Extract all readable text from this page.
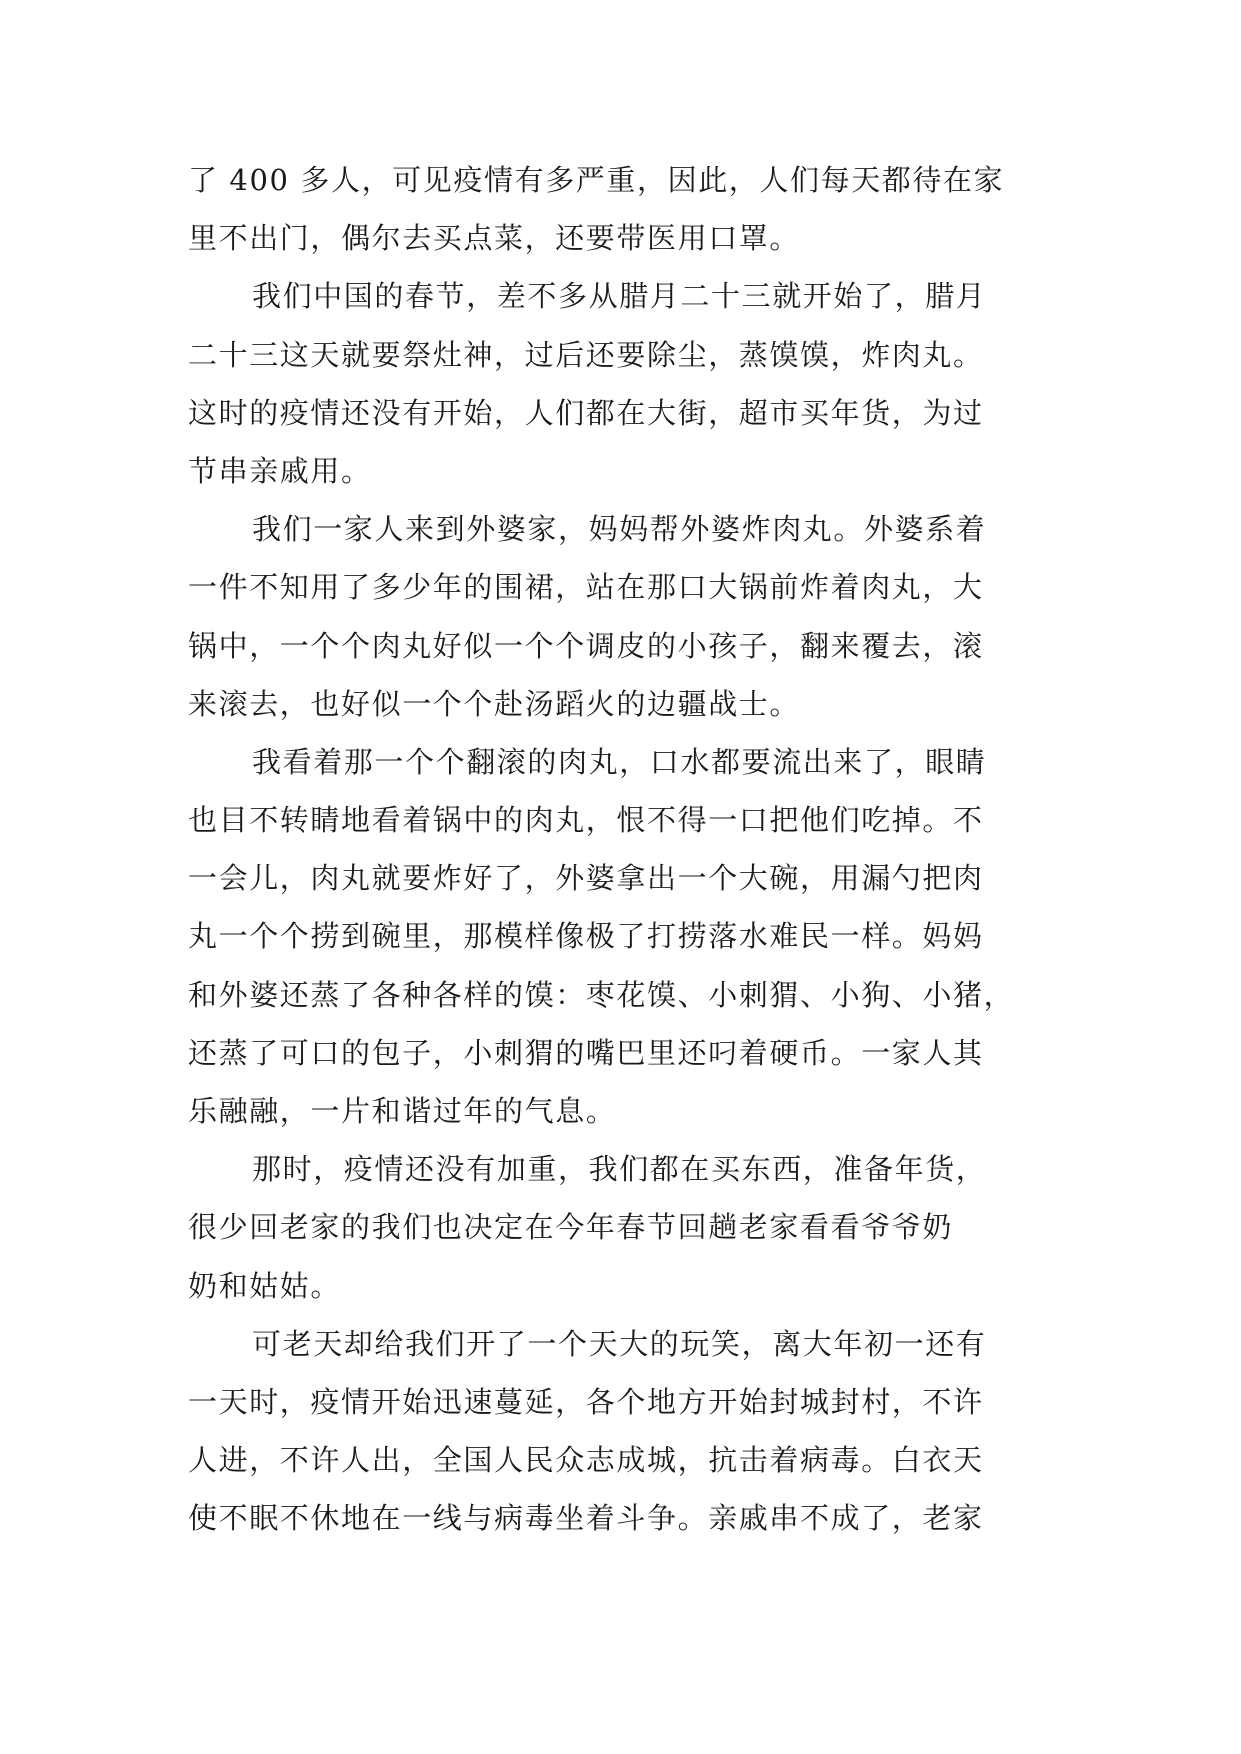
了 400 多人，可见疫情有多严重，因此，人们每天都待在家
里不出门，偶尔去买点菜，还要带医用口罩。
我们中国的春节，差不多从腊月二十三就开始了，腊月
二十三这天就要祭灶神，过后还要除尘，蒸馍馍，炸肉丸。
这时的疫情还没有开始，人们都在大街，超市买年货，为过
节串亲戚用。
我们一家人来到外婆家，妈妈帮外婆炸肉丸。外婆系着
一件不知用了多少年的围裙，站在那口大锅前炸着肉丸，大
锅中，一个个肉丸好似一个个调皮的小孩子，翻来覆去，滚
来滚去，也好似一个个赴汤蹈火的边疆战士。
我看着那一个个翻滚的肉丸，口水都要流出来了，眼睛
也目不转睛地看着锅中的肉丸，恨不得一口把他们吃掉。不
一会儿，肉丸就要炸好了，外婆拿出一个大碗，用漏勺把肉
丸一个个捞到碗里，那模样像极了打捞落水难民一样。妈妈
和外婆还蒸了各种各样的馍：枣花馍、小刺猬、小狗、小猪，
还蒸了可口的包子，小刺猬的嘴巴里还叼着硬币。一家人其
乐融融，一片和谐过年的气息。
那时，疫情还没有加重，我们都在买东西，准备年货，
很少回老家的我们也决定在今年春节回趟老家看看爷爷奶
奶和姑姑。
可老天却给我们开了一个天大的玩笑，离大年初一还有
一天时，疫情开始迅速蔓延，各个地方开始封城封村，不许
人进，不许人出，全国人民众志成城，抗击着病毒。白衣天
使不眠不休地在一线与病毒坐着斗争。亲戚串不成了，老家
